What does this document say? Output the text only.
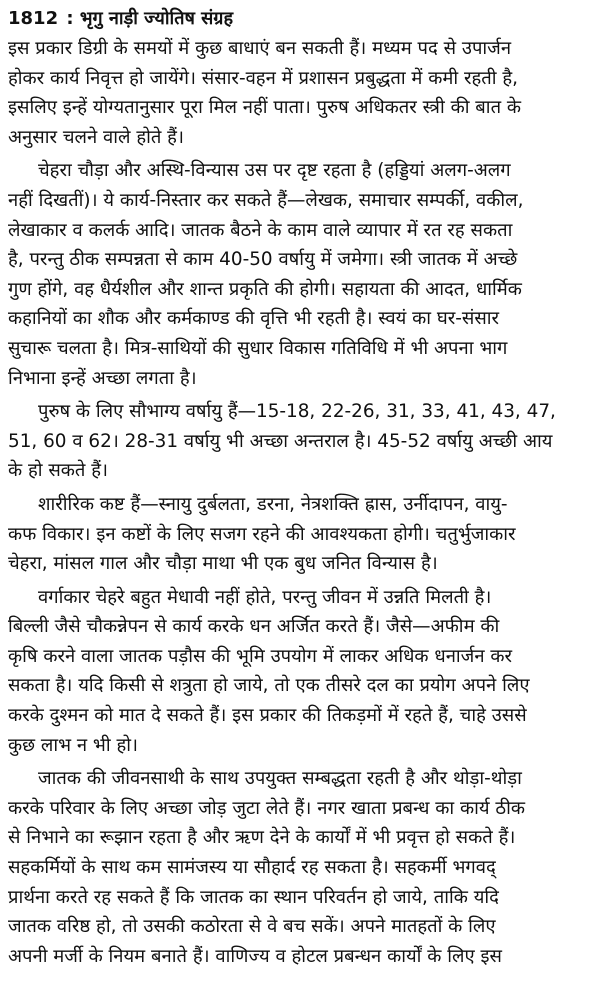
1812 : भृगु नाड़ी ज्योतिष संग्रह

इस प्रकार डिग्री के समयों में कुछ बाधाएं बन सकती हैं। मध्यम पद से उपार्जन
होकर कार्य निवृत्त हो जायेंगे। संसार-वहन में प्रशासन प्रबुद्धता में कमी रहती है,
इसलिए इन्हें योग्यतानुसार पूरा मिल नहीं पाता। पुरुष अधिकतर स्त्री की बात के
अनुसार चलने वाले होते हैं।

चेहरा चौड़ा और अस्थि-विन्यास उस पर दृष्ट रहता है (हड्डियां अलग-अलग
नहीं दिखतीं)। ये कार्य-निस्तार कर सकते हैं—लेखक, समाचार सम्पर्की, वकील,
लेखाकार व कलर्क आदि। जातक बैठने के काम वाले व्यापार में रत रह सकता
है, परन्तु ठीक सम्पन्नता से काम 40-50 वर्षायु में जमेगा। स्त्री जातक में अच्छे
गुण होंगे, वह धैर्यशील और शान्त प्रकृति की होगी। सहायता की आदत, धार्मिक
कहानियों का शौक और कर्मकाण्ड की वृत्ति भी रहती है। स्वयं का घर-संसार
सुचारू चलता है। मित्र-साथियों की सुधार विकास गतिविधि में भी अपना भाग
निभाना इन्हें अच्छा लगता है।

पुरुष के लिए सौभाग्य वर्षायु हैं—15-18, 22-26, 31, 33, 41, 43, 47,
51, 60 व 62। 28-31 वर्षायु भी अच्छा अन्तराल है। 45-52 वर्षायु अच्छी आय
के हो सकते हैं।

शारीरिक कष्ट हैं—स्नायु दुर्बलता, डरना, नेत्रशक्ति ह्रास, उर्नीदापन, वायु-
कफ विकार। इन कष्टों के लिए सजग रहने की आवश्यकता होगी। चतुर्भुजाकार
चेहरा, मांसल गाल और चौड़ा माथा भी एक बुध जनित विन्यास है।

वर्गाकार चेहरे बहुत मेधावी नहीं होते, परन्तु जीवन में उन्नति मिलती है।
बिल्ली जैसे चौकन्नेपन से कार्य करके धन अर्जित करते हैं। जैसे—अफीम की
कृषि करने वाला जातक पड़ौस की भूमि उपयोग में लाकर अधिक धनार्जन कर
सकता है। यदि किसी से शत्रुता हो जाये, तो एक तीसरे दल का प्रयोग अपने लिए
करके दुश्मन को मात दे सकते हैं। इस प्रकार की तिकड़मों में रहते हैं, चाहे उससे
कुछ लाभ न भी हो।

जातक की जीवनसाथी के साथ उपयुक्त सम्बद्धता रहती है और थोड़ा-थोड़ा
करके परिवार के लिए अच्छा जोड़ जुटा लेते हैं। नगर खाता प्रबन्ध का कार्य ठीक
से निभाने का रूझान रहता है और ऋण देने के कार्यों में भी प्रवृत्त हो सकते हैं।
सहकर्मियों के साथ कम सामंजस्य या सौहार्द रह सकता है। सहकर्मी भगवद्
प्रार्थना करते रह सकते हैं कि जातक का स्थान परिवर्तन हो जाये, ताकि यदि
जातक वरिष्ठ हो, तो उसकी कठोरता से वे बच सकें। अपने मातहतों के लिए
अपनी मर्जी के नियम बनाते हैं। वाणिज्य व होटल प्रबन्धन कार्यों के लिए इस
